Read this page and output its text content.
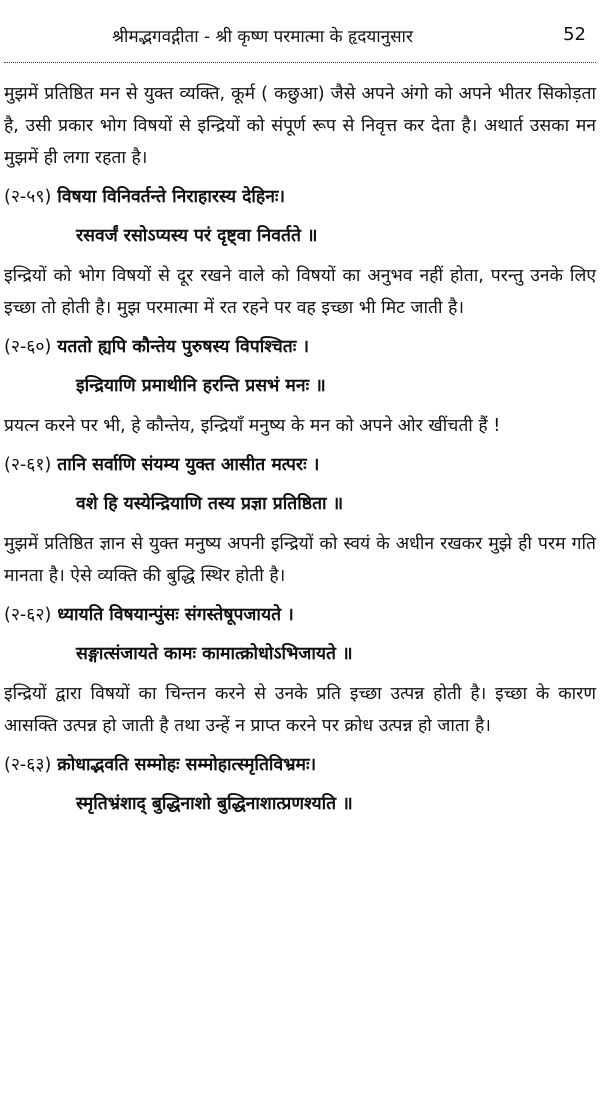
श्रीमद्भगवद्गीता - श्री कृष्ण परमात्मा के हृदयानुसार	52

मुझमें प्रतिष्ठित मन से युक्त व्यक्ति, कूर्म ( कछुआ) जैसे अपने अंगो को अपने भीतर सिकोड़ता है, उसी प्रकार भोग विषयों से इन्द्रियों को संपूर्ण रूप से निवृत्त कर देता है। अथार्त उसका मन मुझमें ही लगा रहता है।

(२-५९) विषया विनिवर्तन्ते निराहारस्य देहिनः।

रसवर्जं रसोऽप्यस्य परं दृष्ट्वा निवर्तते ॥

इन्द्रियों को भोग विषयों से दूर रखने वाले को विषयों का अनुभव नहीं होता, परन्तु उनके लिए इच्छा तो होती है। मुझ परमात्मा में रत रहने पर वह इच्छा भी मिट जाती है।

(२-६०) यततो ह्यपि कौन्तेय पुरुषस्य विपश्चितः ।

इन्द्रियाणि प्रमाथीनि हरन्ति प्रसभं मनः ॥

प्रयत्न करने पर भी, हे कौन्तेय, इन्द्रियाँ मनुष्य के मन को अपने ओर खींचती हैं !

(२-६१) तानि सर्वाणि संयम्य युक्त आसीत मत्परः ।

वशे हि यस्येन्द्रियाणि तस्य प्रज्ञा प्रतिष्ठिता ॥

मुझमें प्रतिष्ठित ज्ञान से युक्त मनुष्य अपनी इन्द्रियों को स्वयं के अधीन रखकर मुझे ही परम गति मानता है। ऐसे व्यक्ति की बुद्धि स्थिर होती है।

(२-६२) ध्यायति विषयान्पुंसः संगस्तेषूपजायते ।

सङ्गात्संजायते कामः कामात्क्रोधोऽभिजायते ॥

इन्द्रियों द्वारा विषयों का चिन्तन करने से उनके प्रति इच्छा उत्पन्न होती है। इच्छा के कारण आसक्ति उत्पन्न हो जाती है तथा उन्हें न प्राप्त करने पर क्रोध उत्पन्न हो जाता है।

(२-६३) क्रोधाद्भवति सम्मोहः सम्मोहात्स्मृतिविभ्रमः।

स्मृतिभ्रंशाद् बुद्धिनाशो बुद्धिनाशात्प्रणश्यति ॥
